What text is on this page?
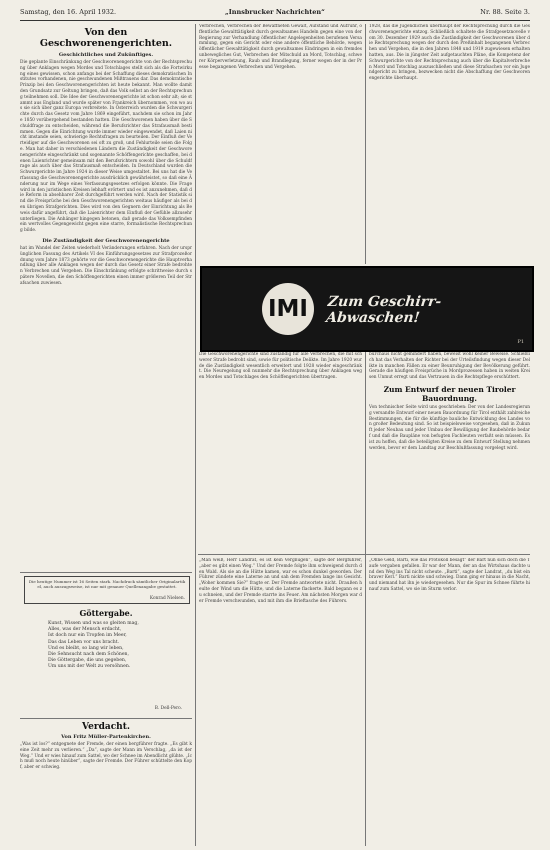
Samstag, den 16. April 1932.	„Innsbrucker Nachrichten“	Nr. 88. Seite 3.
Von den Geschworenengerichten.
Geschichtliches und Zukünftiges.
Die geplante Einschränkung der Geschworenengerichte von der Rechtsprechung über Anklagen wegen Mordes und Totschlages stellt sich als die Fortwirkung eines gewissen, schon anfangs bei der Schaffung dieses demokratischen Institutes vorhandenen, nie geschwundenen Mißtrauens dar. Das demokratische Prinzip bei den Geschworenengerichten ist heute bekannt. Man wollte damit den Grundsatz zur Geltung bringen, daß das Volk selbst an der Rechtsprechung teilnehmen soll. Die Idee der Geschworenengerichte ist schon sehr alt; sie stammt aus England und wurde später von Frankreich übernommen, von wo aus sie sich über ganz Europa verbreitete. In Österreich wurden die Schwurgerichte durch das Gesetz vom Jahre 1869 eingeführt, nachdem sie schon im Jahre 1850 vorübergehend bestanden hatten. Die Geschworenen haben über die Schuldfrage zu entscheiden, während die Berufsrichter das Strafausmaß bestimmen. Gegen die Einrichtung wurde immer wieder eingewendet, daß Laien nicht imstande seien, schwierige Rechtsfragen zu beurteilen. Der Einfluß der Verteidiger auf die Geschworenen sei oft zu groß, und Fehlurteile seien die Folge. Man hat daher in verschiedenen Ländern die Zuständigkeit der Geschworenengerichte eingeschränkt und sogenannte Schöffengerichte geschaffen, bei denen Laienrichter gemeinsam mit den Berufsrichtern sowohl über die Schuldfrage als auch über das Strafausmaß entscheiden. In Deutschland wurden die Schwurgerichte im Jahre 1924 in dieser Weise umgestaltet. Bei uns hat die Verfassung die Geschworenengerichte ausdrücklich gewährleistet, so daß eine Änderung nur im Wege eines Verfassungsgesetzes erfolgen könnte. Die Frage wird in den juristischen Kreisen lebhaft erörtert und es ist anzunehmen, daß die Reform in absehbarer Zeit durchgeführt werden wird. Nach der Statistik sind die Freisprüche bei den Geschworenengerichten weitaus häufiger als bei den übrigen Strafgerichten. Dies wird von den Gegnern der Einrichtung als Beweis dafür angeführt, daß die Laienrichter dem Einfluß der Gefühle allzusehr unterliegen. Die Anhänger hingegen betonen, daß gerade das Volksempfinden ein wertvolles Gegengewicht gegen eine starre, formalistische Rechtsprechung bilde.
Die Zuständigkeit der Geschworenengerichte
hat im Wandel der Zeiten wiederholt Veränderungen erfahren. Nach der ursprünglichen Fassung des Artikels VI des Einführungsgesetzes zur Strafprozeßordnung vom Jahre 1873 gehörte vor die Geschworenengerichte die Hauptverhandlung über alle Anklagen wegen der durch das Gesetz einer Strafe bedrohten Verbrechen und Vergehen. Die Einschränkung erfolgte schrittweise durch spätere Novellen, die den Schöffengerichten einen immer größeren Teil der Strafsachen zuwiesen.
Die heutige Nummer ist 16 Seiten stark. Nachdruck sämtlicher Originalartikel, auch auszugsweise, ist nur mit genauer Quellenangabe gestattet.
Konrad Nielsen.
Göttergabe.
Kunst, Wissen und was so gleiten mag,
Alles, was der Mensch erdacht,
Ist doch nur ein Tropfen im Meer,
Das das Leben vor uns bracht.
Und es bleibt, so lang wir leben,
Die Sehnsucht nach dem Schönen,
Die Göttergabe, die uns gegeben,
Um uns mit der Welt zu versöhnen.
B. Dell-Pero.
Verdacht.
Von Fritz Müller-Partenkirchen.
„Was ist los?“ entgegnete der Fremde, der einen bergführer fragte. „Es gibt keine Zeit mehr zu verlieren.“ „Da“, sagte der Mann im Verschlag, „da ist der Weg.“ Und er wies hinauf zum Sattel, wo der Schnee im Abendlicht glühte. „Ich muß noch heute hinüber“, sagte der Fremde. Der Führer schüttelte den Kopf, aber er schwieg.
Verbrechen, Verbrechen der Bewaffneten Gewalt, Aufstand und Aufruhr, öffentliche Gewalttätigkeit durch gewaltsames Handeln gegen eine von der Regierung zur Verhandlung öffentlicher Angelegenheiten berufenen Versammlung, gegen ein Gericht oder eine andere öffentliche Behörde, wegen öffentlicher Gewalttätigkeit durch gewaltsames Eindringen in ein fremdes unbewegliches Gut, Verbrechen der Mitschuld an Mord, Totschlag, schwerer Körperverletzung, Raub und Brandlegung, ferner wegen der in der Presse begangenen Verbrechen und Vergehen.
1928, das die Jugendlichen überhaupt der Rechtsprechung durch die Geschworenengerichte entzog. Schließlich schaltete die Strafgesetznovelle vom 30. Dezember 1929 auch die Zuständigkeit der Geschworenen über die Rechtsprechung wegen der durch den Preßinhalt begangenen Verbrechen und Vergehen, die in den Jahren 1848 und 1919 zugewiesen erhalten hatten, aus. Die in jüngster Zeit aufgetauchten Pläne, die Kompetenz der Schwurgerichte von der Rechtsprechung auch über die Kapitalverbrechen Mord und Totschlag auszuschließen und diese Strafsachen vor ein Jugendgericht zu bringen, bezwecken nicht die Abschaffung der Geschworenengerichte überhaupt.
IMI	Zum Geschirr-Abwaschen!
P1
Die Geschworenengerichte sind zuständig für alle Verbrechen, die mit schwerer Strafe bedroht sind, sowie für politische Delikte. Im Jahre 1920 wurde die Zuständigkeit wesentlich erweitert und 1928 wieder eingeschränkt. Die Neuregelung soll nunmehr die Rechtsprechung über Anklagen wegen Mordes und Totschlages den Schöffengerichten übertragen.
burchaus nicht gemindert haben, beweist wohl keiner Beweise. Schließlich hat das Verhalten der Richter bei der Urteilsfindung wegen dieser Delikte in manchen Fällen zu einer Beunruhigung der Bevölkerung geführt. Gerade die häufigen Freisprüche in Mordprozessen haben in weiten Kreisen Unmut erregt und das Vertrauen in die Rechtspflege erschüttert.
Zum Entwurf der neuen Tiroler Bauordnung.
Von technischer Seite wird uns geschrieben: Der von der Landesregierung versandte Entwurf einer neuen Bauordnung für Tirol enthält zahlreiche Bestimmungen, die für die künftige bauliche Entwicklung des Landes von großer Bedeutung sind. So ist beispielsweise vorgesehen, daß in Zukunft jeder Neubau und jeder Umbau der Bewilligung der Baubehörde bedarf und daß die Baupläne von befugten Fachleuten verfaßt sein müssen. Es ist zu hoffen, daß die beteiligten Kreise zu dem Entwurf Stellung nehmen werden, bevor er dem Landtag zur Beschlußfassung vorgelegt wird.
„Man weiß, Herr Landrat, es ist kein Vergnügen“, sagte der Bergführer, „aber es gibt einen Weg.“ Und der Fremde folgte ihm schweigend durch den Wald. Als sie an die Hütte kamen, war es schon dunkel geworden. Der Führer zündete eine Laterne an und sah dem Fremden lange ins Gesicht. „Woher kommen Sie?“ fragte er. Der Fremde antwortete nicht. Draußen heulte der Wind um die Hütte, und die Laterne flackerte. Bald begann es zu schneien, und der Fremde starrte ins Feuer. Am nächsten Morgen war der Fremde verschwunden, und mit ihm die Brieftasche des Führers.
„Ohne Geld, Barti, wie das Protokoll besagt“ der Bart nun sich doch die Taufe vergaben gefallen. Er war der Mann, der an das Wirtshaus dachte und den Weg ins Tal nicht scheute. „Barti“, sagte der Landrat, „du bist ein braver Kerl.“ Barti nickte und schwieg. Dann ging er hinaus in die Nacht, und niemand hat ihn je wiedergesehen. Nur die Spur im Schnee führte hinauf zum Sattel, wo sie im Sturm verlor.
